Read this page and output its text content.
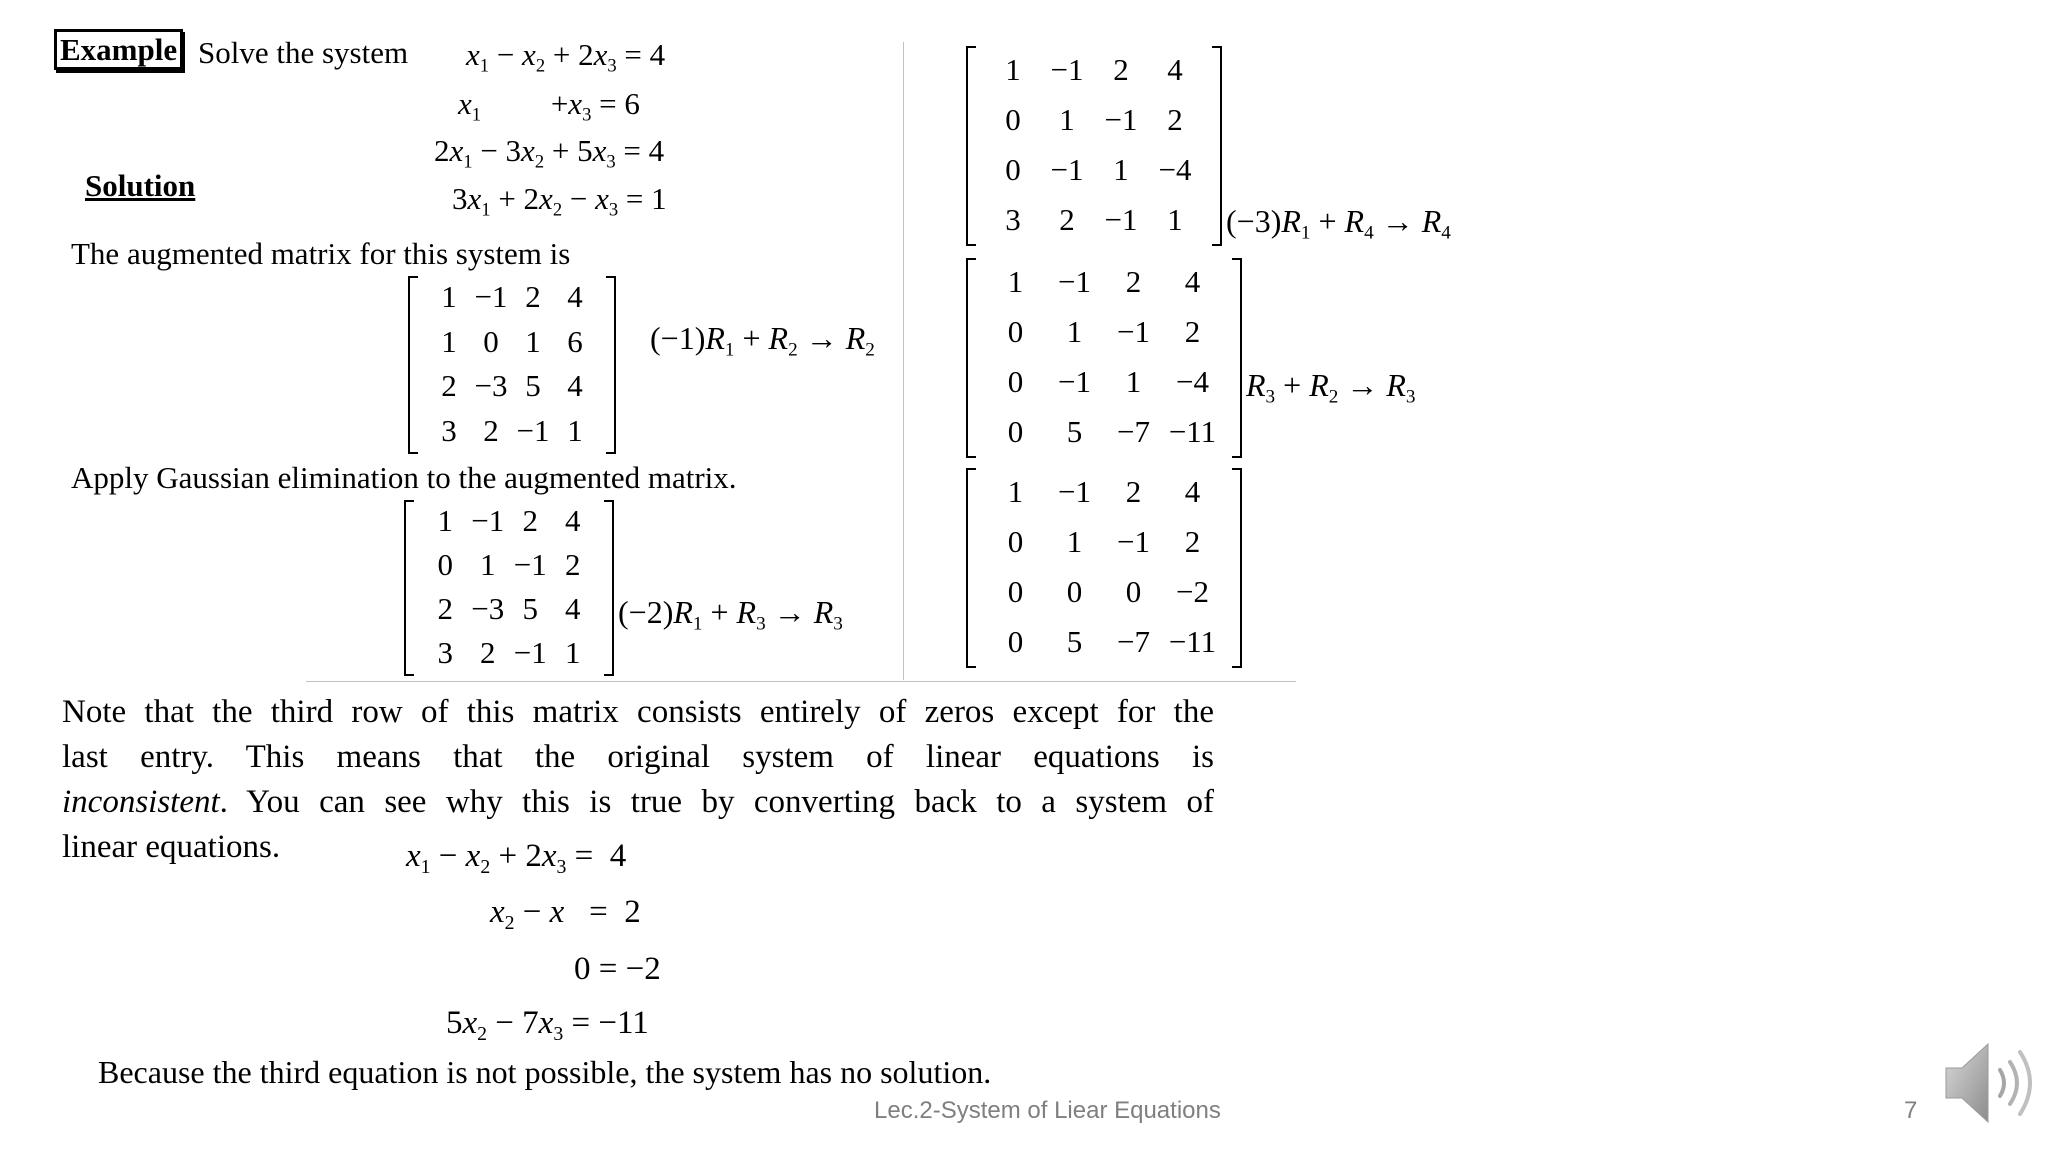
Example Solve the system $x_1 - x_2 + 2x_3 = 4$
$x_1 +x_3 = 6$
$2x_1 - 3x_2 + 5x_3 = 4$
$3x_1 + 2x_2 - x_3 = 1$
Solution
The augmented matrix for this system is
1 −1 2 4
1 0 1 6
2 −3 5 4
3 2 −1 1
$(-1)R_1 + R_2 \to R_2$
Apply Gaussian elimination to the augmented matrix.
1 −1 2 4
0 1 −1 2
2 −3 5 4
3 2 −1 1
$(-2)R_1 + R_3 \to R_3$
1 −1 2 4
0 1 −1 2
0 −1 1 −4
3 2 −1 1 $(-3)R_1 + R_4 \to R_4$
1 −1 2 4
0 1 −1 2
0 −1 1 −4
0 5 −7 −11
$R_3 + R_2 \to R_3$
1 −1 2 4
0 1 −1 2
0 0 0 −2
0 5 −7 −11
Note that the third row of this matrix consists entirely of zeros except for the
last entry. This means that the original system of linear equations is
inconsistent. You can see why this is true by converting back to a system of
linear equations.	$x_1 - x_2 + 2x_3 = 4$
$x_2 - x = 2$
0 = −2
$5x_2 - 7x_3 = -11$
Because the third equation is not possible, the system has no solution.
Lec.2-System of Liear Equations	7
